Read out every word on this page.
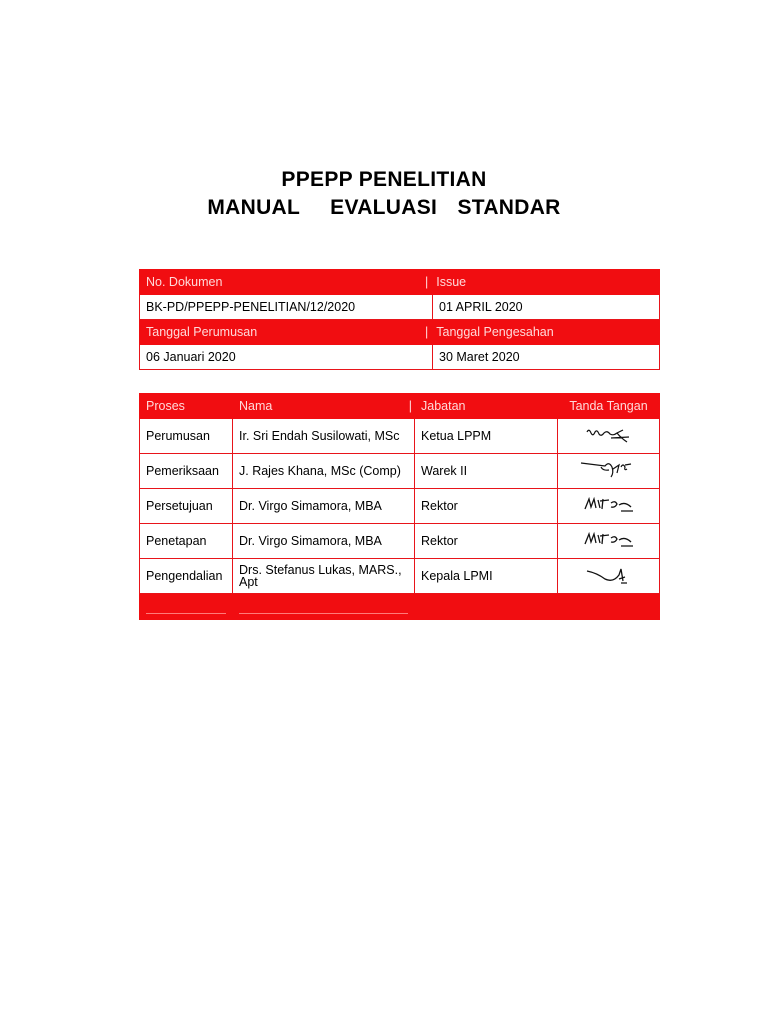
PPEPP PENELITIAN
MANUAL   EVALUASI  STANDAR
No. Dokumen	| Issue
BK-PD/PPEPP-PENELITIAN/12/2020	01 APRIL 2020
Tanggal Perumusan	| Tanggal Pengesahan
06 Januari 2020	30 Maret 2020
Proses	Nama |	Jabatan	Tanda Tangan
Perumusan	Ir. Sri Endah Susilowati, MSc	Ketua LPPM	

Pemeriksaan	J. Rajes Khana, MSc (Comp)	Warek II	

Persetujuan	Dr. Virgo Simamora, MBA	Rektor	

Penetapan	Dr. Virgo Simamora, MBA	Rektor	

Pengendalian	Drs. Stefanus Lukas, MARS., Apt	Kepala LPMI	
